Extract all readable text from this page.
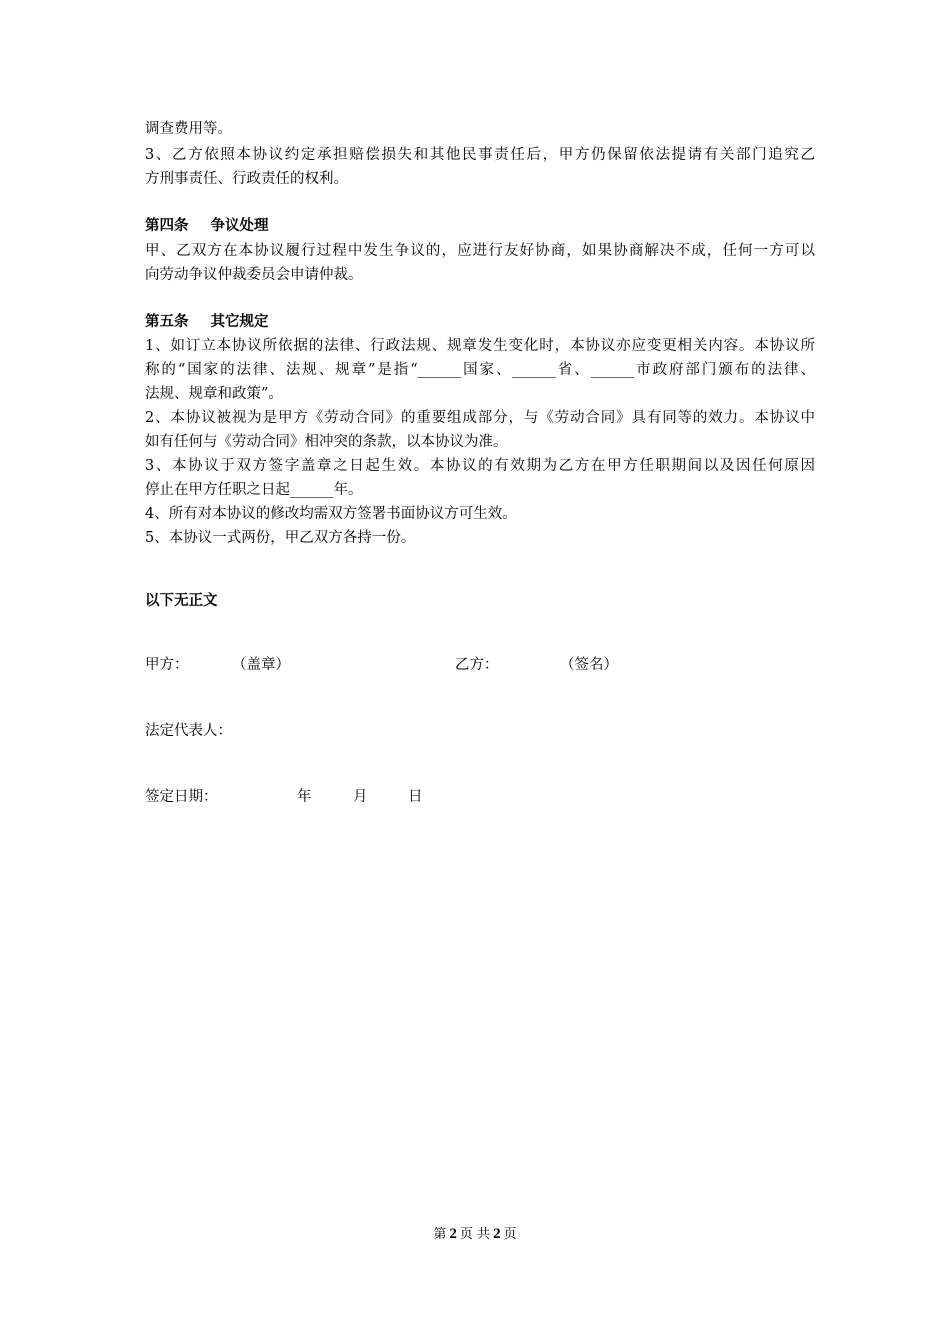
调查费用等。
3、乙方依照本协议约定承担赔偿损失和其他民事责任后，甲方仍保留依法提请有关部门追究乙
方刑事责任、行政责任的权利。
第四条 争议处理
甲、乙双方在本协议履行过程中发生争议的，应进行友好协商，如果协商解决不成，任何一方可以
向劳动争议仲裁委员会申请仲裁。
第五条 其它规定
1、如订立本协议所依据的法律、行政法规、规章发生变化时，本协议亦应变更相关内容。本协议所
称的“国家的法律、法规、规章”是指“______国家、______省、______市政府部门颁布的法律、
法规、规章和政策”。
2、本协议被视为是甲方《劳动合同》的重要组成部分，与《劳动合同》具有同等的效力。本协议中
如有任何与《劳动合同》相冲突的条款，以本协议为准。
3、本协议于双方签字盖章之日起生效。本协议的有效期为乙方在甲方任职期间以及因任何原因
停止在甲方任职之日起______年。
4、所有对本协议的修改均需双方签署书面协议方可生效。
5、本协议一式两份，甲乙双方各持一份。
以下无正文
甲方：	（盖章）	乙方：	（签名）
法定代表人：
签定日期：	年	月	日
第 2 页 共 2 页
